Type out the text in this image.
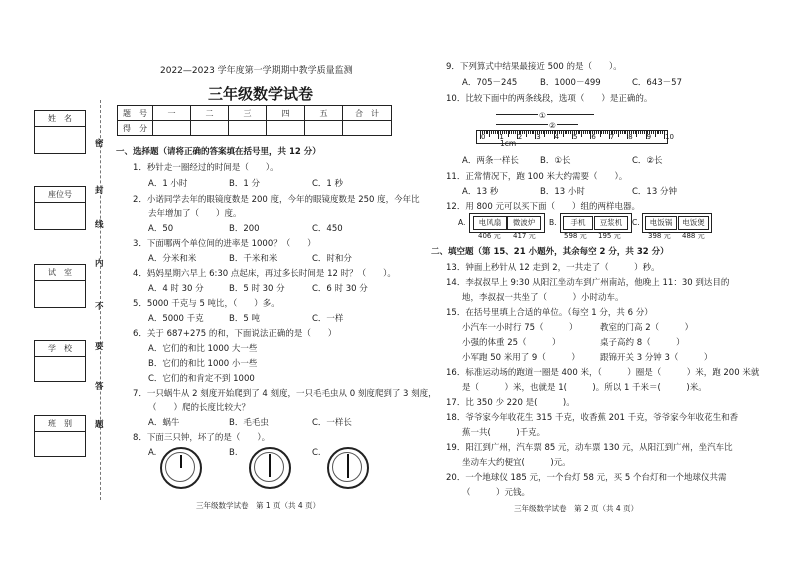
姓　名
座位号
试　室
学　校
班　别
密
封
线
内
不
要
答
题
2022—2023 学年度第一学期期中教学质量监测
三年级数学试卷
题　号	一	二	三	四	五	合　计
得　分						
一、选择题（请将正确的答案填在括号里，共 12 分）
1．秒针走一圈经过的时间是（　　）。
A．1 小时	B．1 分	C．1 秒
2．小诺同学去年的眼镜度数是 200 度，今年的眼镜度数是 250 度，今年比
去年增加了（　　）度。
A．50	B．200	C．450
3．下面哪两个单位间的进率是 1000？（　　）
A．分米和米	B．千米和米	C．时和分
4．妈妈星期六早上 6:30 点起床，再过多长时间是 12 时？（　　）。
A．4 时 30 分	B．5 时 30 分	C．6 时 30 分
5．5000 千克与 5 吨比，（　　）多。
A．5000 千克	B．5 吨	C．一样
6．关于 687+275 的和，下面说法正确的是（　　）
A．它们的和比 1000 大一些
B．它们的和比 1000 小一些
C．它们的和肯定不到 1000
7．一只蜗牛从 2 刻度开始爬到了 4 刻度，一只毛毛虫从 0 刻度爬到了 3 刻度，
（　　）爬的长度比较大？
A．蜗牛	B．毛毛虫	C．一样长
8．下面三只钟，坏了的是（　　）。
A.	B.	C.
三年级数学试卷　第 1 页（共 4 页）
9．下列算式中结果最接近 500 的是（　　）。
A．705－245	B．1000－499	C．643－57
10．比较下面中的两条线段，选项（　　）是正确的。
①
②
0 1 2 3 4 5 6 7 8 9 10
1cm
A．两条一样长 B．①长	C．②长
11．正常情况下，跑 100 米大约需要（　　）。
A．13 秒	B．13 小时	C．13 分钟
12．用 800 元可以买下面（　　）组的两样电器。
电风扇	微波炉
406 元 417 元
A.	手机	豆浆机
598 元 195 元
B.	电饭锅	电饭煲
398 元 488 元
C.
二、填空题（第 15、21 小题外，其余每空 2 分，共 32 分）
13．钟面上秒针从 12 走到 2，一共走了（　　　）秒。
14．李叔叔早上 9:30 从阳江坐动车到广州南站，他晚上 11：30 到达目的
地，李叔叔一共坐了（　　　）小时动车。
15．在括号里填上合适的单位。（每空 1 分，共 6 分）
小汽车一小时行 75（　　　）	教室的门高 2（　　　）
小强的体重 25（　　　）	桌子高约 8（　　　）
小军跑 50 米用了 9（　　　） 跟锦开关 3 分钟 3（　　　）
16．标准运动场的跑道一圈是 400 米，（　　　）圈是（　　　）米，跑 200 米就
是（　　　）米，也就是 1(　　　)。所以 1 千米＝(　　　)米。
17．比 350 少 220 是(　　　)。
18．爷爷家今年收花生 315 千克，收香蕉 201 千克，爷爷家今年收花生和香
蕉一共(　　　)千克。
19．阳江到广州，汽车票 85 元，动车票 130 元，从阳江到广州，坐汽车比
坐动车大约便宜(　　　)元。
20．一个地球仪 185 元，一个台灯 58 元，买 5 个台灯和一个地球仪共需
（　　　）元钱。
三年级数学试卷　第 2 页（共 4 页）
